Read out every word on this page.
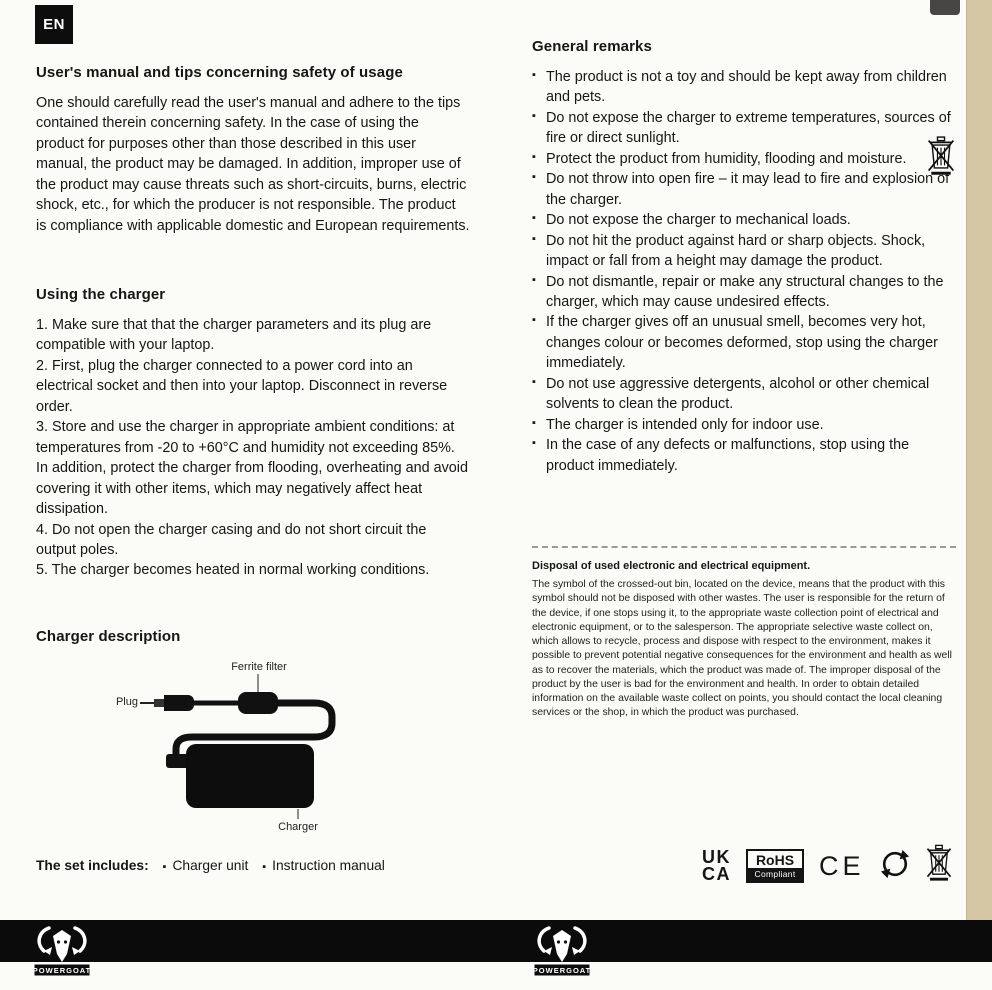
EN
User's manual and tips concerning safety of usage

One should carefully read the user's manual and adhere to the tips contained therein concerning safety. In the case of using the product for purposes other than those described in this user manual, the product may be damaged. In addition, improper use of the product may cause threats such as short-circuits, burns, electric shock, etc., for which the producer is not responsible. The product is compliance with applicable domestic and European requirements.

Using the charger

1. Make sure that that the charger parameters and its plug are compatible with your laptop.

2. First, plug the charger connected to a power cord into an electrical socket and then into your laptop. Disconnect in reverse order.

3. Store and use the charger in appropriate ambient conditions: at temperatures from -20 to +60°C and humidity not exceeding 85%. In addition, protect the charger from flooding, overheating and avoid covering it with other items, which may negatively affect heat dissipation.

4. Do not open the charger casing and do not short circuit the output poles.

5. The charger becomes heated in normal working conditions.

Charger description
Ferrite filter
Plug
Charger
The set includes: ▪ Charger unit ▪ Instruction manual
General remarks
▪ The product is not a toy and should be kept away from children and pets.
▪ Do not expose the charger to extreme temperatures, sources of fire or direct sunlight.
▪ Protect the product from humidity, flooding and moisture.
▪ Do not throw into open fire – it may lead to fire and explosion of the charger.
▪ Do not expose the charger to mechanical loads.
▪ Do not hit the product against hard or sharp objects. Shock, impact or fall from a height may damage the product.
▪ Do not dismantle, repair or make any structural changes to the charger, which may cause undesired effects.
▪ If the charger gives off an unusual smell, becomes very hot, changes colour or becomes deformed, stop using the charger immediately.
▪ Do not use aggressive detergents, alcohol or other chemical solvents to clean the product.
▪ The charger is intended only for indoor use.
▪ In the case of any defects or malfunctions, stop using the product immediately.
Disposal of used electronic and electrical equipment.

The symbol of the crossed-out bin, located on the device, means that the product with this symbol should not be disposed with other wastes. The user is responsible for the return of the device, if one stops using it, to the appropriate waste collection point of electrical and electronic equipment, or to the salesperson. The appropriate selective waste collect on, which allows to recycle, process and dispose with respect to the environment, makes it possible to prevent potential negative consequences for the environment and health as well as to recover the materials, which the product was made of. The improper disposal of the product by the user is bad for the environment and health. In order to obtain detailed information on the available waste collect on points, you should contact the local cleaning services or the shop, in which the product was purchased.

UK
CA
RoHS
Compliant CE
POWERGOAT	POWERGOAT
